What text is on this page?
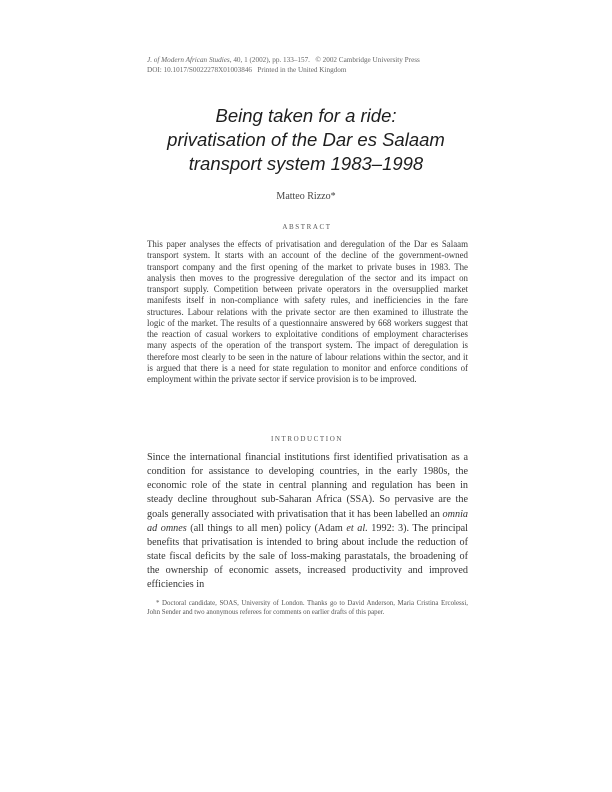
J. of Modern African Studies, 40, 1 (2002), pp. 133–157. © 2002 Cambridge University Press
DOI: 10.1017/S0022278X01003846 Printed in the United Kingdom
Being taken for a ride:
privatisation of the Dar es Salaam
transport system 1983–1998
Matteo Rizzo*
ABSTRACT
This paper analyses the effects of privatisation and deregulation of the Dar es Salaam transport system. It starts with an account of the decline of the government-owned transport company and the first opening of the market to private buses in 1983. The analysis then moves to the progressive deregulation of the sector and its impact on transport supply. Competition between private operators in the oversupplied market manifests itself in non-compliance with safety rules, and inefficiencies in the fare structures. Labour relations with the private sector are then examined to illustrate the logic of the market. The results of a questionnaire answered by 668 workers suggest that the reaction of casual workers to exploitative conditions of employment characterises many aspects of the operation of the transport system. The impact of deregulation is therefore most clearly to be seen in the nature of labour relations within the sector, and it is argued that there is a need for state regulation to monitor and enforce conditions of employment within the private sector if service provision is to be improved.
INTRODUCTION
Since the international financial institutions first identified privatisation as a condition for assistance to developing countries, in the early 1980s, the economic role of the state in central planning and regulation has been in steady decline throughout sub-Saharan Africa (SSA). So pervasive are the goals generally associated with privatisation that it has been labelled an omnia ad omnes (all things to all men) policy (Adam et al. 1992: 3). The principal benefits that privatisation is intended to bring about include the reduction of state fiscal deficits by the sale of loss-making parastatals, the broadening of the ownership of economic assets, increased productivity and improved efficiencies in
* Doctoral candidate, SOAS, University of London. Thanks go to David Anderson, Maria Cristina Ercolessi, John Sender and two anonymous referees for comments on earlier drafts of this paper.
